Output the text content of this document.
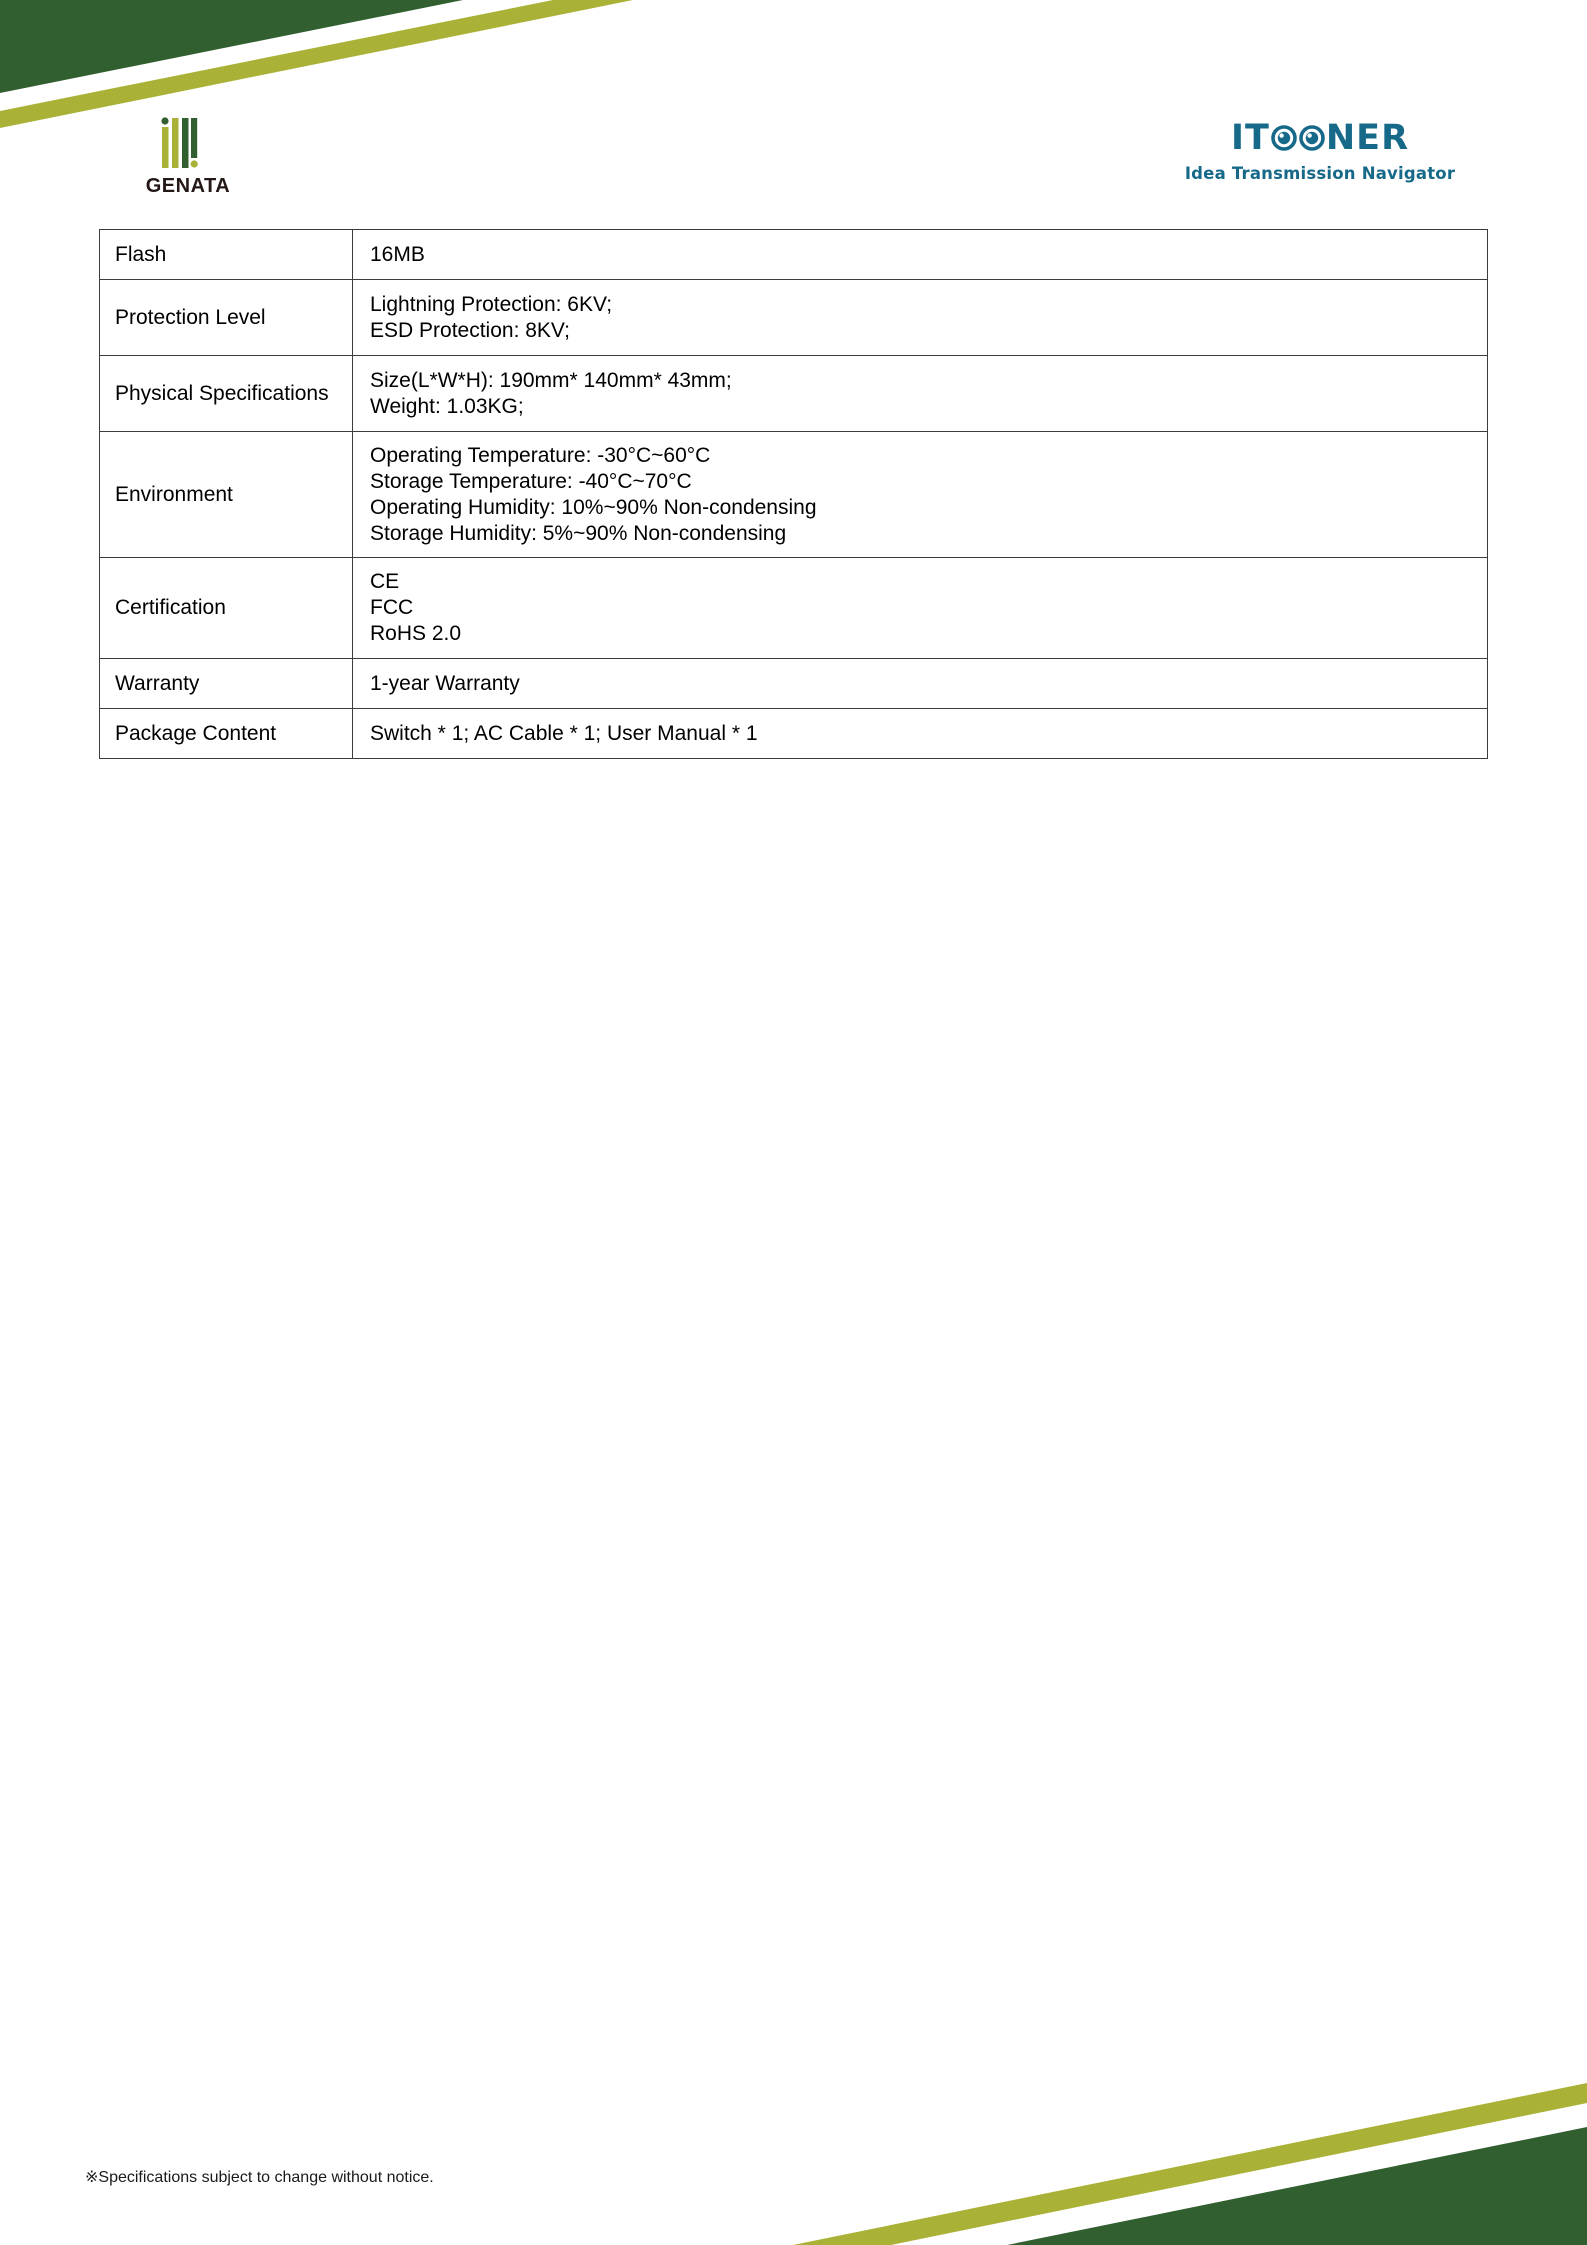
GENATA
IT NER
Idea Transmission Navigator
Flash	16MB

Protection Level	Lightning Protection: 6KV;
ESD Protection: 8KV;

Physical Specifications	Size(L*W*H): 190mm* 140mm* 43mm;
Weight: 1.03KG;

Environment	Operating Temperature: -30°C~60°C
Storage Temperature: -40°C~70°C
Operating Humidity: 10%~90% Non-condensing
Storage Humidity: 5%~90% Non-condensing

Certification	CE
FCC
RoHS 2.0

Warranty	1-year Warranty

Package Content	Switch * 1; AC Cable * 1; User Manual * 1
※Specifications subject to change without notice.
